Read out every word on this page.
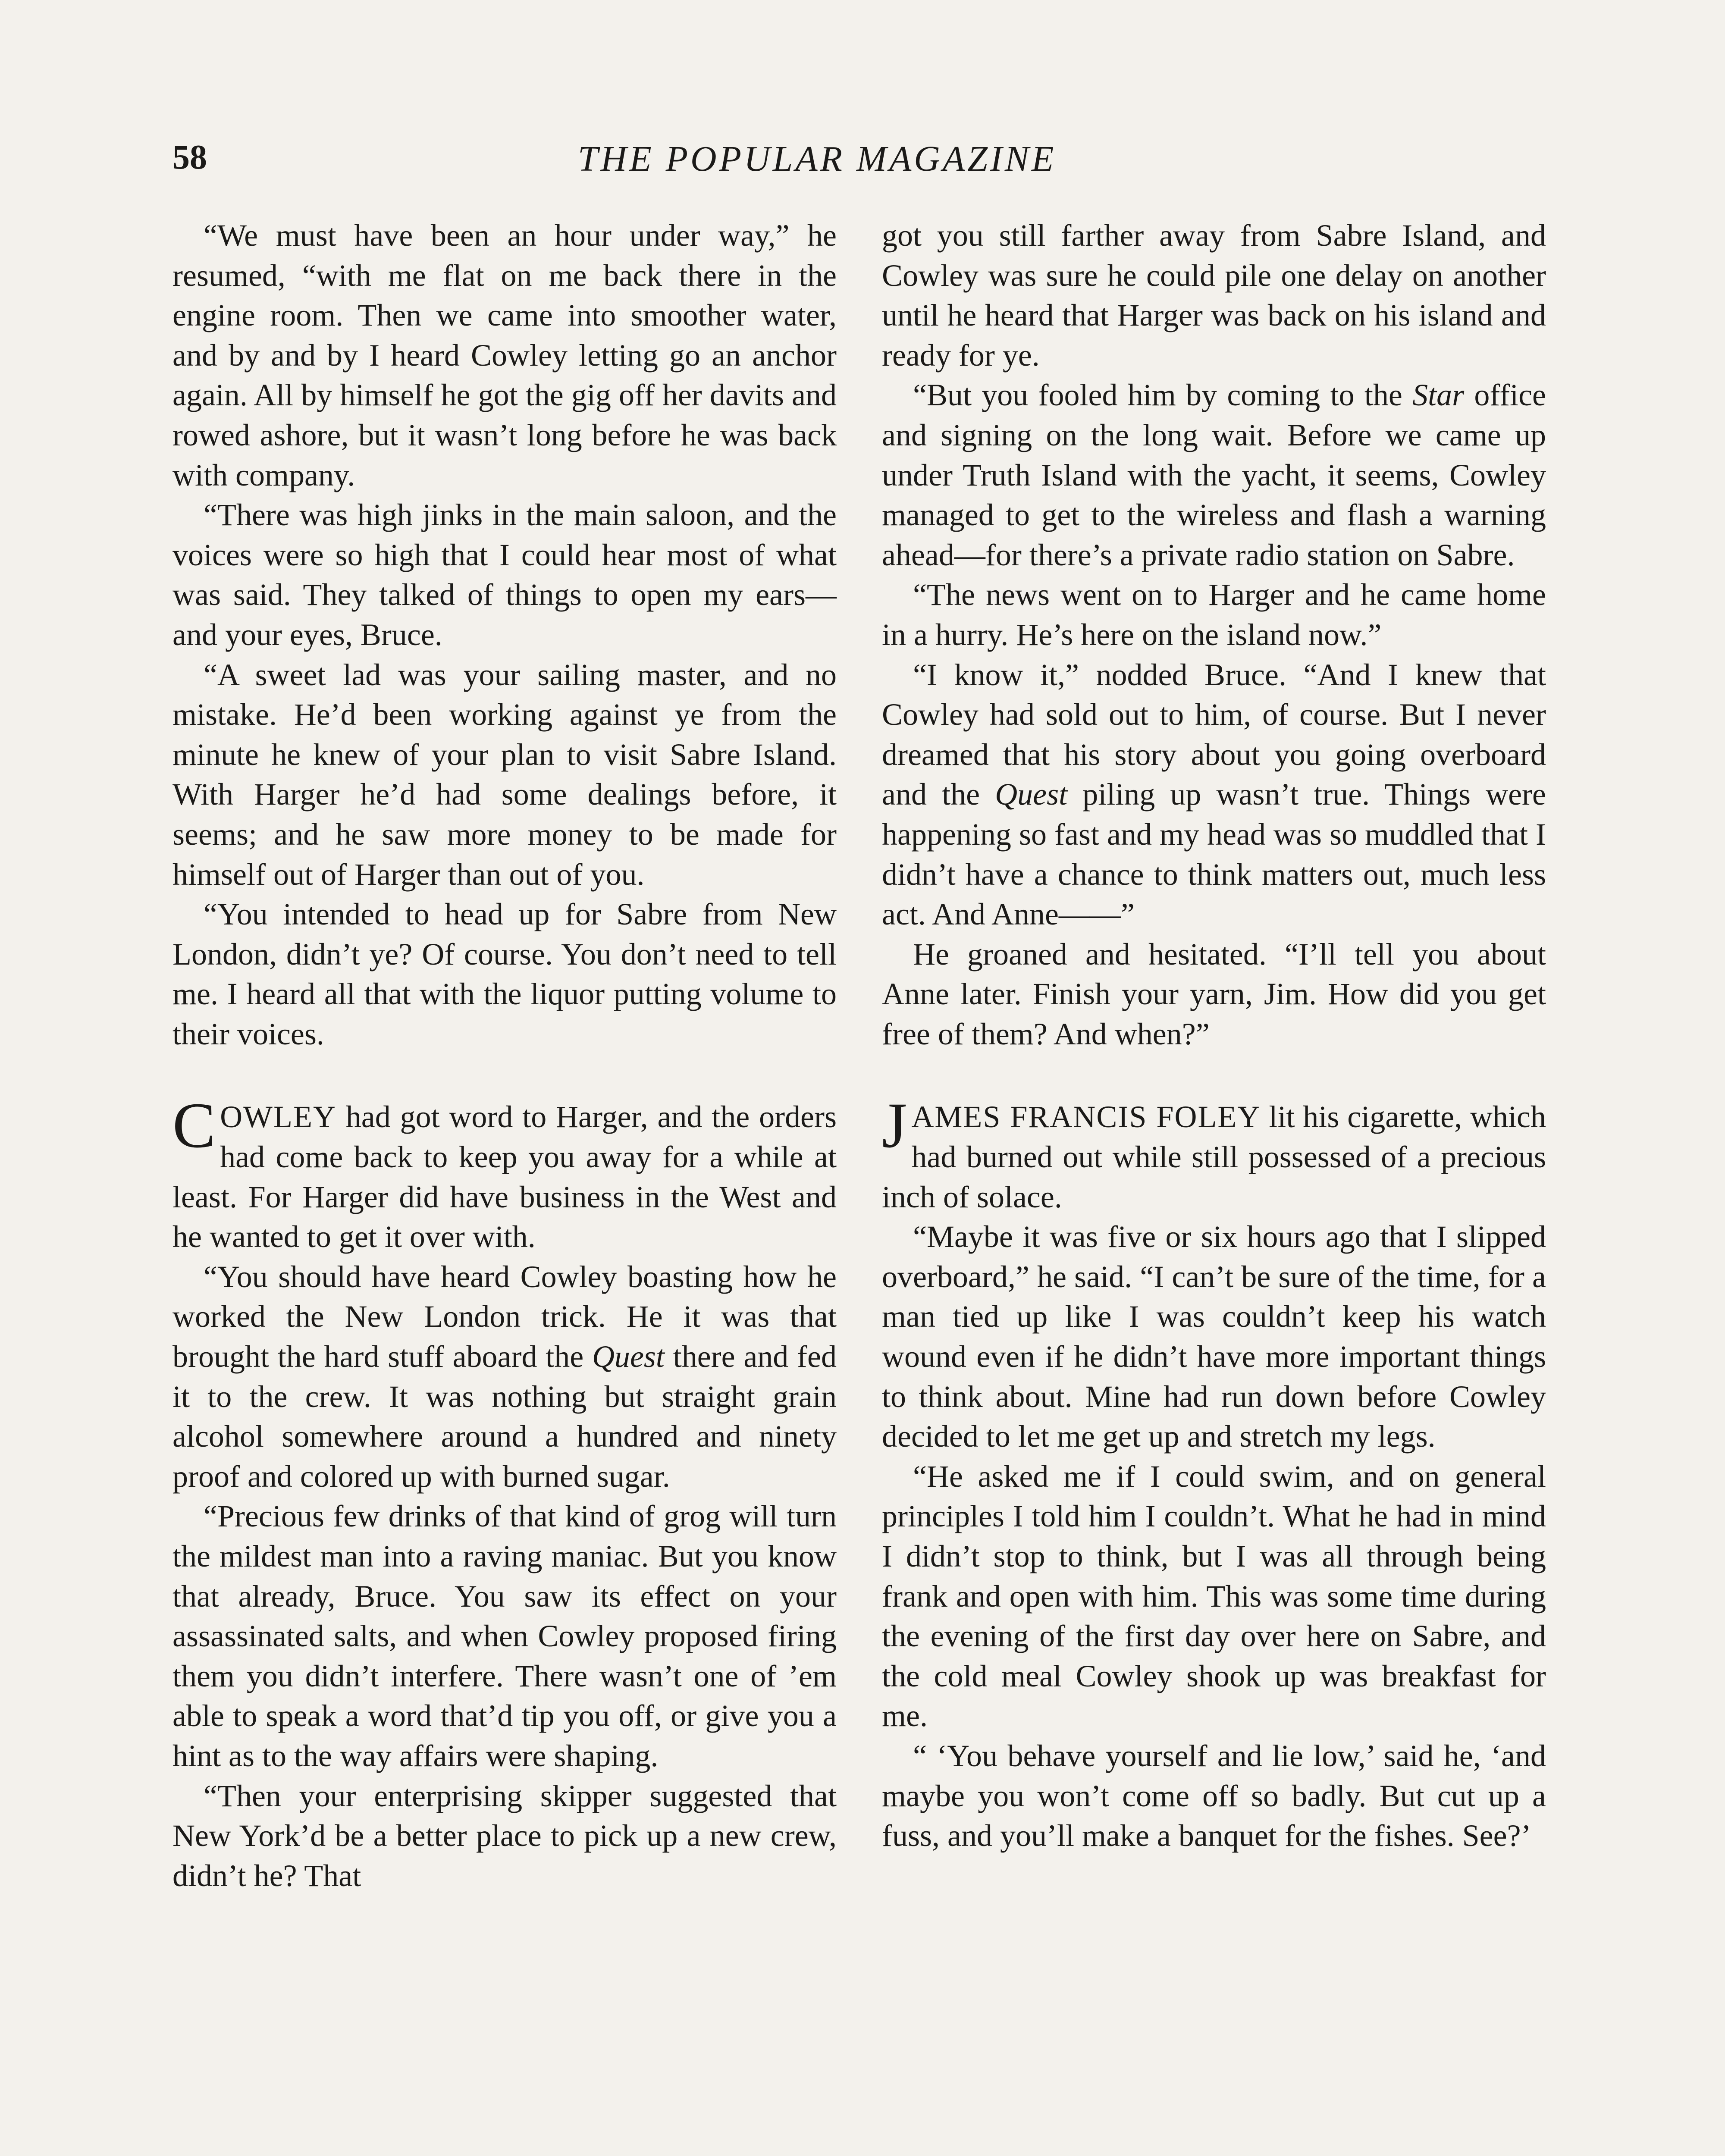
58	THE POPULAR MAGAZINE

“We must have been an hour under way,” he resumed, “with me flat on me back there in the engine room. Then we came into smoother water, and by and by I heard Cowley letting go an anchor again. All by himself he got the gig off her davits and rowed ashore, but it wasn’t long before he was back with company.

“There was high jinks in the main saloon, and the voices were so high that I could hear most of what was said. They talked of things to open my ears—and your eyes, Bruce.

“A sweet lad was your sailing master, and no mistake. He’d been working against ye from the minute he knew of your plan to visit Sabre Island. With Harger he’d had some dealings before, it seems; and he saw more money to be made for himself out of Harger than out of you.

“You intended to head up for Sabre from New London, didn’t ye? Of course. You don’t need to tell me. I heard all that with the liquor putting volume to their voices.

COWLEY had got word to Harger, and the orders had come back to keep you away for a while at least. For Harger did have business in the West and he wanted to get it over with.

“You should have heard Cowley boasting how he worked the New London trick. He it was that brought the hard stuff aboard the Quest there and fed it to the crew. It was nothing but straight grain alcohol somewhere around a hundred and ninety proof and colored up with burned sugar.

“Precious few drinks of that kind of grog will turn the mildest man into a raving maniac. But you know that already, Bruce. You saw its effect on your assassinated salts, and when Cowley proposed firing them you didn’t interfere. There wasn’t one of ’em able to speak a word that’d tip you off, or give you a hint as to the way affairs were shaping.

“Then your enterprising skipper suggested that New York’d be a better place to pick up a new crew, didn’t he? That

got you still farther away from Sabre Island, and Cowley was sure he could pile one delay on another until he heard that Harger was back on his island and ready for ye.

“But you fooled him by coming to the Star office and signing on the long wait. Before we came up under Truth Island with the yacht, it seems, Cowley managed to get to the wireless and flash a warning ahead—for there’s a private radio station on Sabre.

“The news went on to Harger and he came home in a hurry. He’s here on the island now.”

“I know it,” nodded Bruce. “And I knew that Cowley had sold out to him, of course. But I never dreamed that his story about you going overboard and the Quest piling up wasn’t true. Things were happening so fast and my head was so muddled that I didn’t have a chance to think matters out, much less act. And Anne——”

He groaned and hesitated. “I’ll tell you about Anne later. Finish your yarn, Jim. How did you get free of them? And when?”

JAMES FRANCIS FOLEY lit his cigarette, which had burned out while still possessed of a precious inch of solace.

“Maybe it was five or six hours ago that I slipped overboard,” he said. “I can’t be sure of the time, for a man tied up like I was couldn’t keep his watch wound even if he didn’t have more important things to think about. Mine had run down before Cowley decided to let me get up and stretch my legs.

“He asked me if I could swim, and on general principles I told him I couldn’t. What he had in mind I didn’t stop to think, but I was all through being frank and open with him. This was some time during the evening of the first day over here on Sabre, and the cold meal Cowley shook up was breakfast for me.

“ ‘You behave yourself and lie low,’ said he, ‘and maybe you won’t come off so badly. But cut up a fuss, and you’ll make a banquet for the fishes. See?’
